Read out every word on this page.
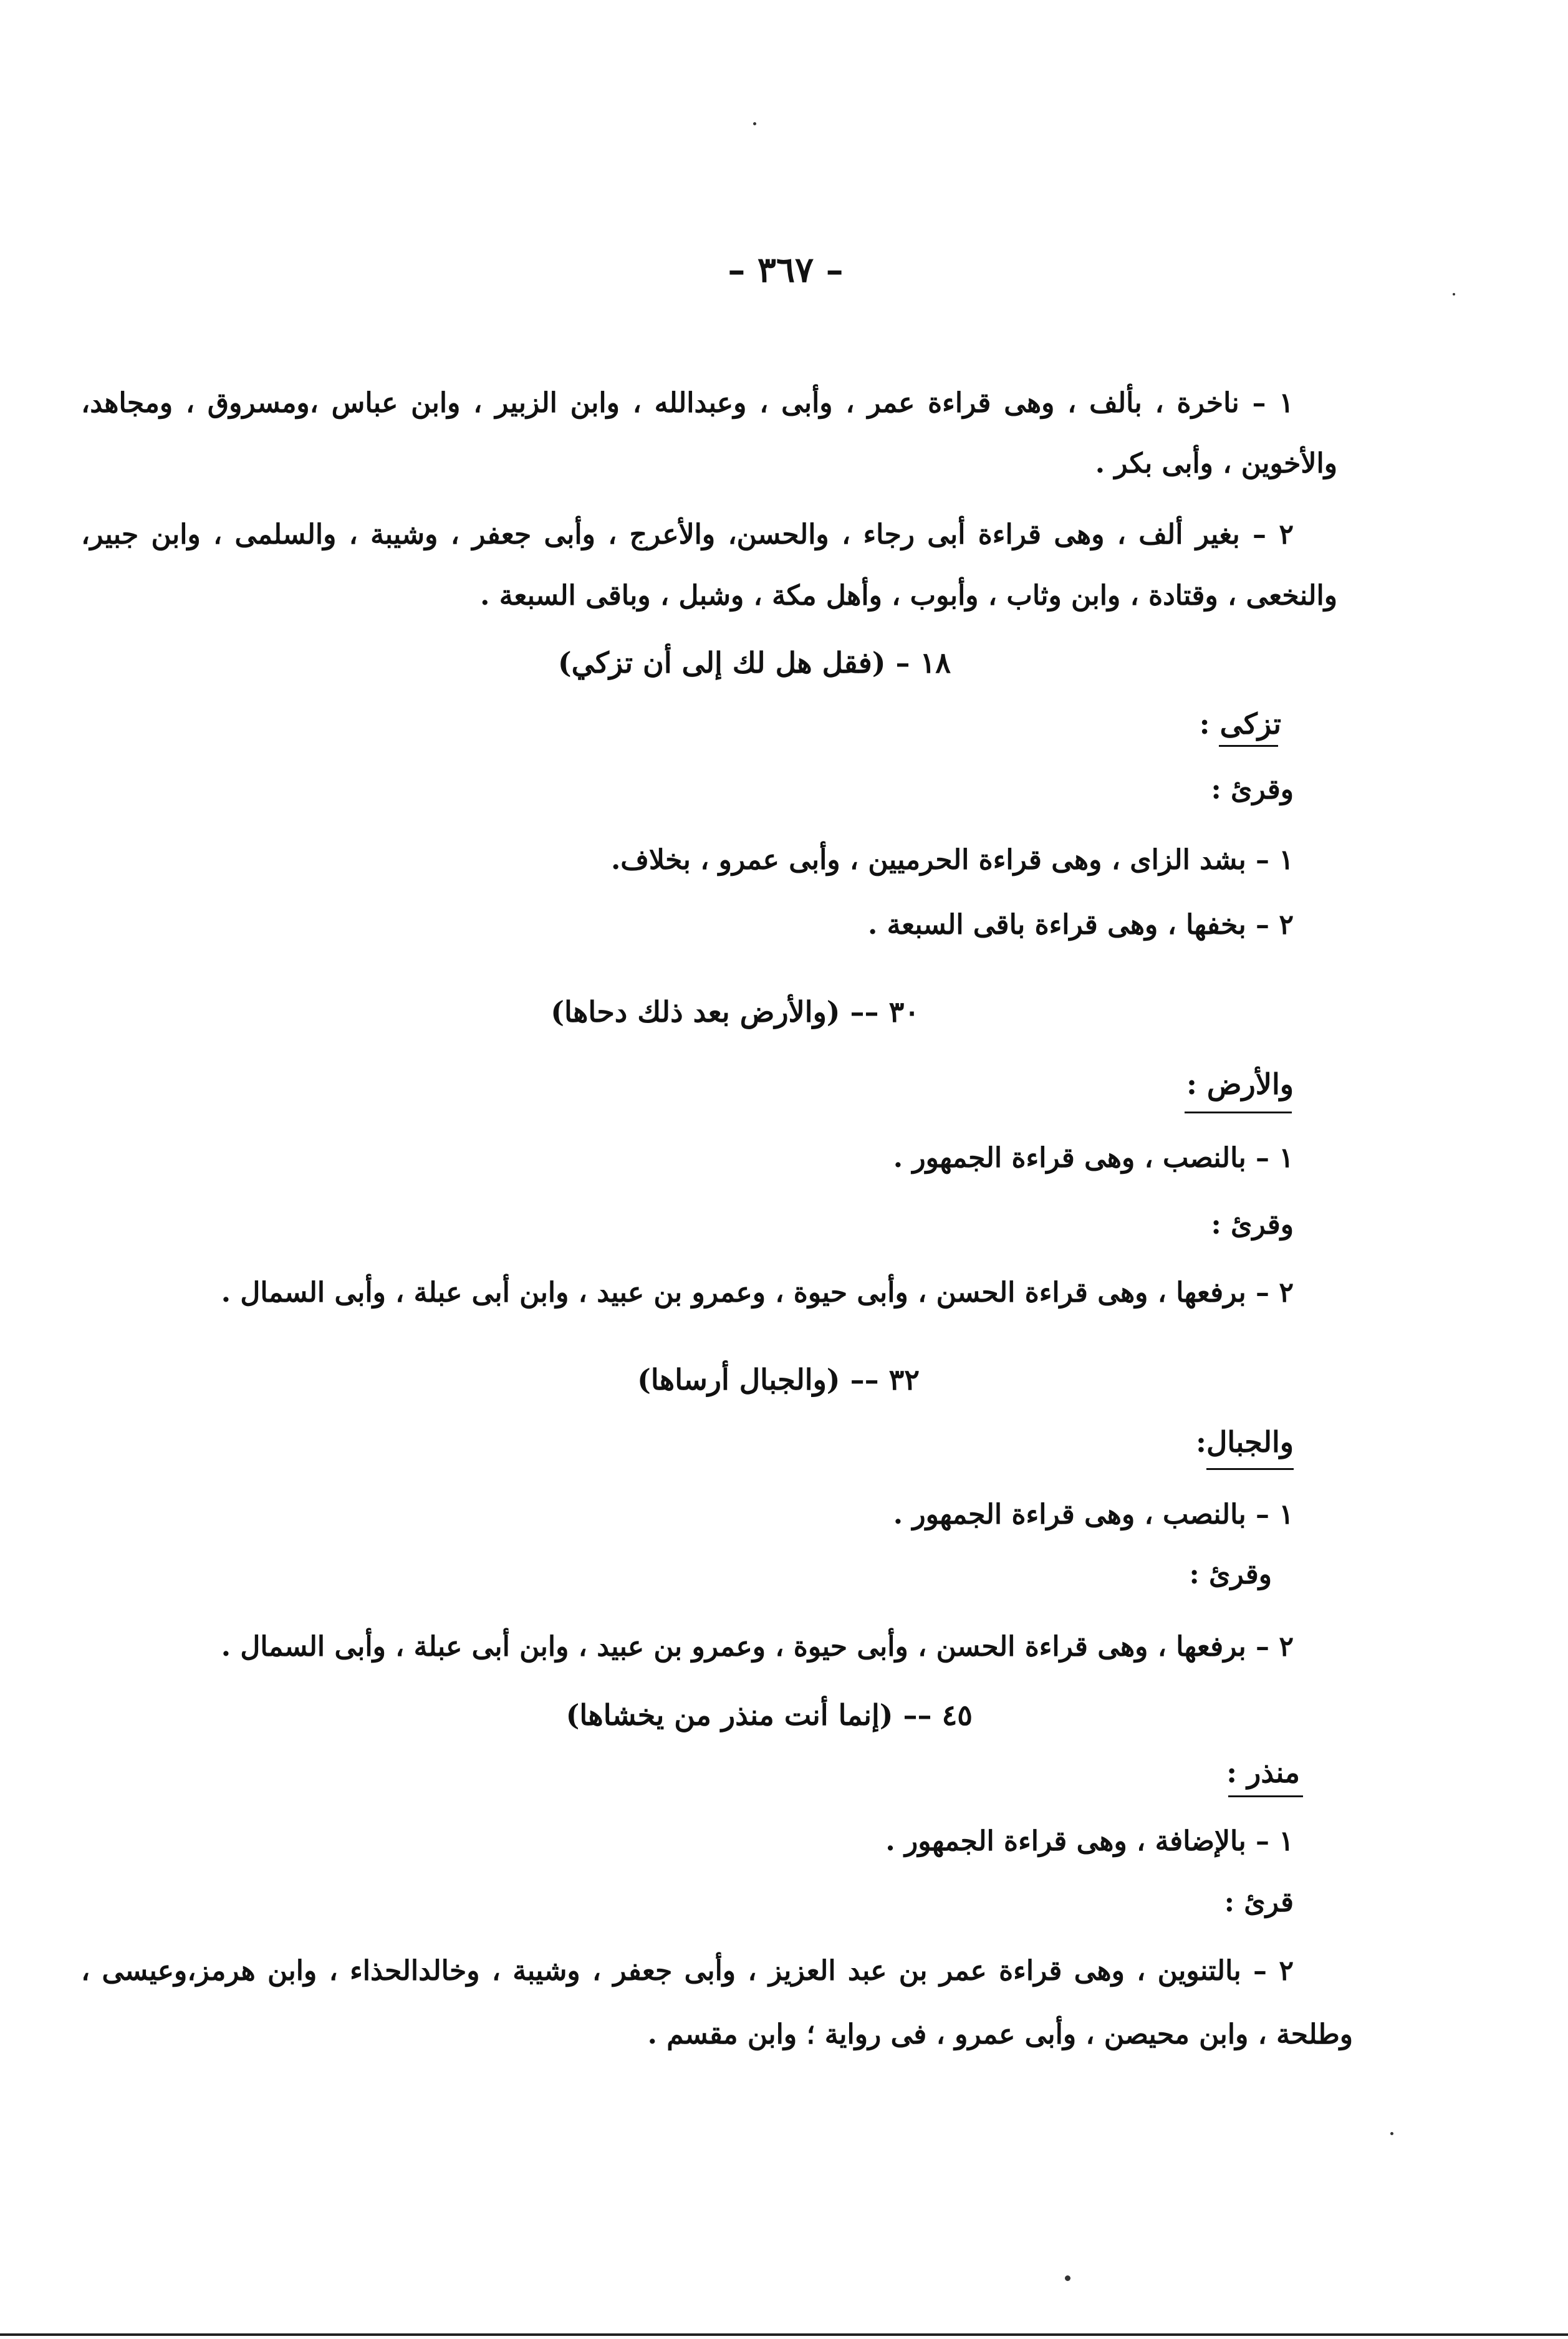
– ٣٦٧ –
١ – ناخرة ، بألف ، وهى قراءة عمر ، وأبى ، وعبدالله ، وابن الزبير ، وابن عباس ،ومسروق ، ومجاهد،
والأخوين ، وأبى بكر .
٢ – بغير ألف ، وهى قراءة أبى رجاء ، والحسن، والأعرج ، وأبى جعفر ، وشيبة ، والسلمى ، وابن جبير،
والنخعى ، وقتادة ، وابن وثاب ، وأبوب ، وأهل مكة ، وشبل ، وباقى السبعة .
١٨ – (فقل هل لك إلى أن تزكي)
تزكى :
وقرئ :
١ – بشد الزاى ، وهى قراءة الحرميين ، وأبى عمرو ، بخلاف.
٢ – بخفها ، وهى قراءة باقى السبعة .
٣٠ –– (والأرض بعد ذلك دحاها)
والأرض :
١ – بالنصب ، وهى قراءة الجمهور .
وقرئ :
٢ – برفعها ، وهى قراءة الحسن ، وأبى حيوة ، وعمرو بن عبيد ، وابن أبى عبلة ، وأبى السمال .
٣٢ –– (والجبال أرساها)
والجبال:
١ – بالنصب ، وهى قراءة الجمهور .
وقرئ :
٢ – برفعها ، وهى قراءة الحسن ، وأبى حيوة ، وعمرو بن عبيد ، وابن أبى عبلة ، وأبى السمال .
٤٥ –– (إنما أنت منذر من يخشاها)
منذر :
١ – بالإضافة ، وهى قراءة الجمهور .
قرئ :
٢ – بالتنوين ، وهى قراءة عمر بن عبد العزيز ، وأبى جعفر ، وشيبة ، وخالدالحذاء ، وابن هرمز،وعيسى ،
وطلحة ، وابن محيصن ، وأبى عمرو ، فى رواية ؛ وابن مقسم .
